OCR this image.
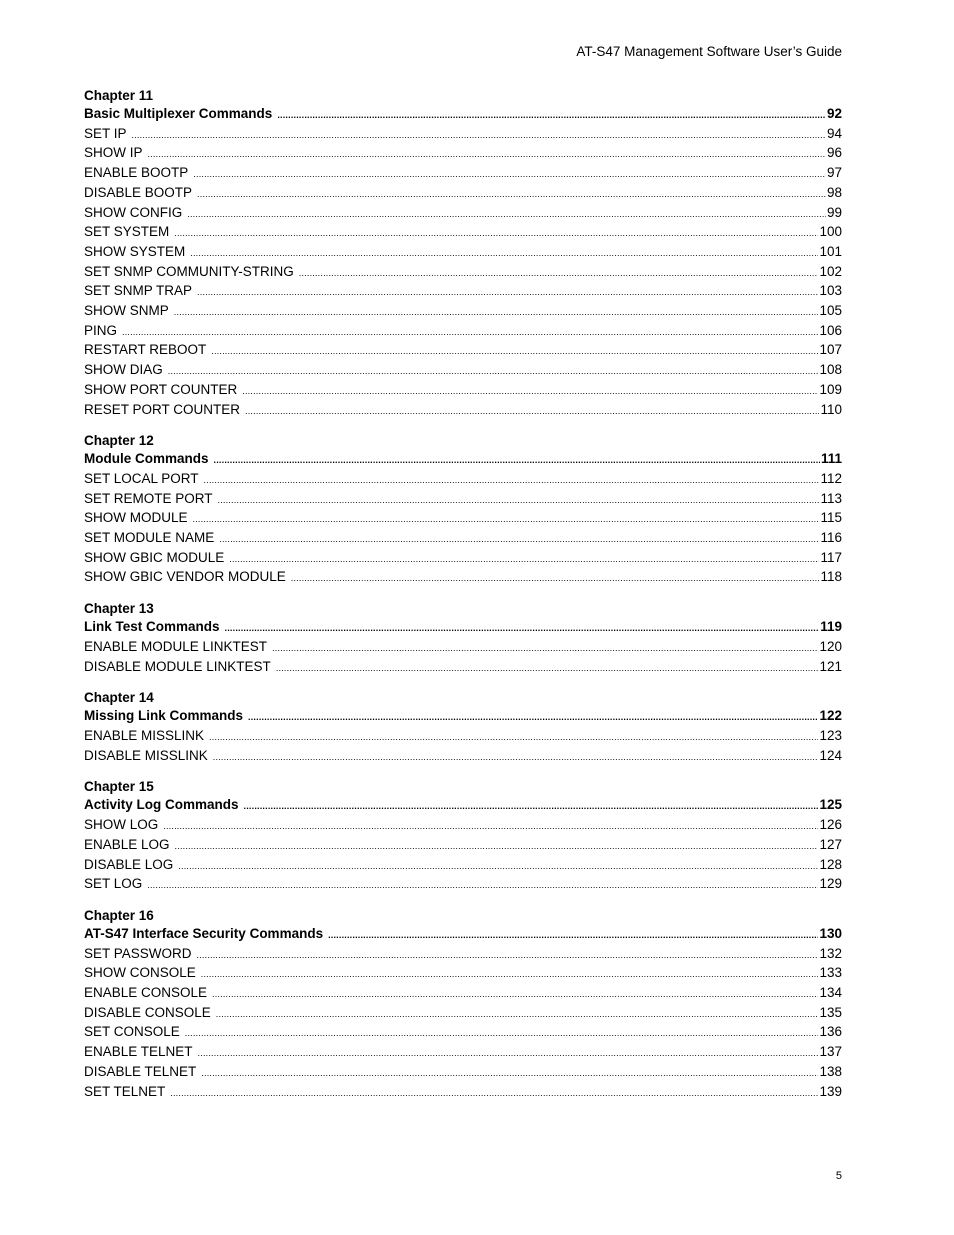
AT-S47 Management Software User’s Guide
Chapter 11
Basic Multiplexer Commands .....	92
SET IP .....	94
SHOW IP .....	96
ENABLE BOOTP .....	97
DISABLE BOOTP .....	98
SHOW CONFIG .....	99
SET SYSTEM .....	100
SHOW SYSTEM .....	101
SET SNMP COMMUNITY-STRING .....	102
SET SNMP TRAP .....	103
SHOW SNMP .....	105
PING .....	106
RESTART REBOOT .....	107
SHOW DIAG .....	108
SHOW PORT COUNTER .....	109
RESET PORT COUNTER .....	110
Chapter 12
Module Commands .....	111
SET LOCAL PORT .....	112
SET REMOTE PORT .....	113
SHOW MODULE .....	115
SET MODULE NAME .....	116
SHOW GBIC MODULE .....	117
SHOW GBIC VENDOR MODULE .....	118
Chapter 13
Link Test Commands .....	119
ENABLE MODULE LINKTEST .....	120
DISABLE MODULE LINKTEST .....	121
Chapter 14
Missing Link Commands .....	122
ENABLE MISSLINK .....	123
DISABLE MISSLINK .....	124
Chapter 15
Activity Log Commands .....	125
SHOW LOG .....	126
ENABLE LOG .....	127
DISABLE LOG .....	128
SET LOG .....	129
Chapter 16
AT-S47 Interface Security Commands .....	130
SET PASSWORD .....	132
SHOW CONSOLE .....	133
ENABLE CONSOLE .....	134
DISABLE CONSOLE .....	135
SET CONSOLE .....	136
ENABLE TELNET .....	137
DISABLE TELNET .....	138
SET TELNET .....	139
5
